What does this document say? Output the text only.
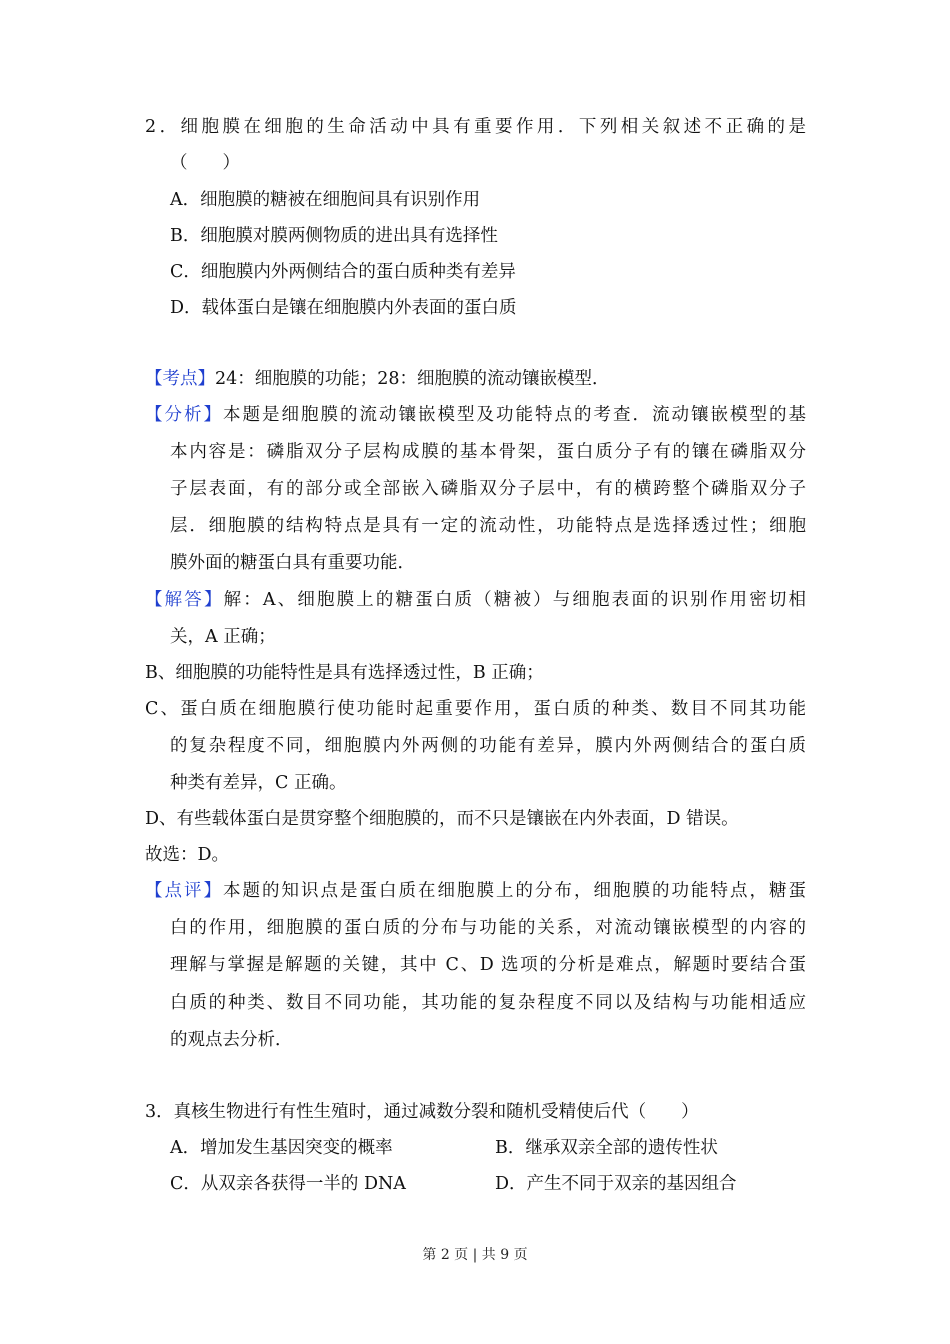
2．细胞膜在细胞的生命活动中具有重要作用．下列相关叙述不正确的是
（　　）
A．细胞膜的糖被在细胞间具有识别作用
B．细胞膜对膜两侧物质的进出具有选择性
C．细胞膜内外两侧结合的蛋白质种类有差异
D．载体蛋白是镶在细胞膜内外表面的蛋白质
【考点】24：细胞膜的功能；28：细胞膜的流动镶嵌模型．
【分析】本题是细胞膜的流动镶嵌模型及功能特点的考查．流动镶嵌模型的基
本内容是：磷脂双分子层构成膜的基本骨架，蛋白质分子有的镶在磷脂双分
子层表面，有的部分或全部嵌入磷脂双分子层中，有的横跨整个磷脂双分子
层．细胞膜的结构特点是具有一定的流动性，功能特点是选择透过性；细胞
膜外面的糖蛋白具有重要功能．
【解答】解：A、细胞膜上的糖蛋白质（糖被）与细胞表面的识别作用密切相
关，A 正确；
B、细胞膜的功能特性是具有选择透过性，B 正确；
C、蛋白质在细胞膜行使功能时起重要作用，蛋白质的种类、数目不同其功能
的复杂程度不同，细胞膜内外两侧的功能有差异，膜内外两侧结合的蛋白质
种类有差异，C 正确。
D、有些载体蛋白是贯穿整个细胞膜的，而不只是镶嵌在内外表面，D 错误。
故选：D。
【点评】本题的知识点是蛋白质在细胞膜上的分布，细胞膜的功能特点，糖蛋
白的作用，细胞膜的蛋白质的分布与功能的关系，对流动镶嵌模型的内容的
理解与掌握是解题的关键，其中 C、D 选项的分析是难点，解题时要结合蛋
白质的种类、数目不同功能，其功能的复杂程度不同以及结构与功能相适应
的观点去分析．
3．真核生物进行有性生殖时，通过减数分裂和随机受精使后代（　　）
A．增加发生基因突变的概率	B．继承双亲全部的遗传性状
C．从双亲各获得一半的 DNA	D．产生不同于双亲的基因组合
第 2 页 | 共 9 页
